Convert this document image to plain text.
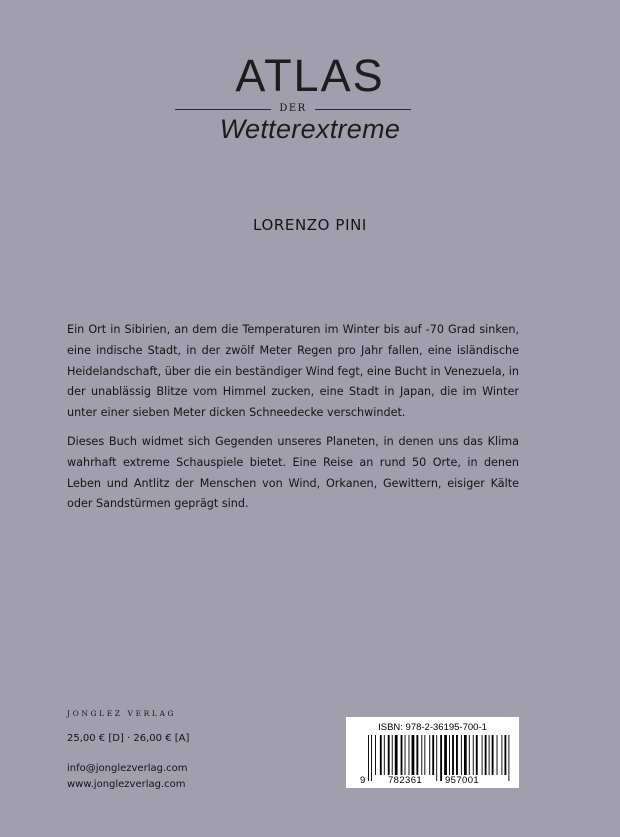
ATLAS
DER
Wetterextreme
LORENZO PINI

Ein Ort in Sibirien, an dem die Temperaturen im Winter bis auf -70 Grad sinken, eine indische Stadt, in der zwölf Meter Regen pro Jahr fallen, eine isländische Heidelandschaft, über die ein beständiger Wind fegt, eine Bucht in Venezuela, in der unablässig Blitze vom Himmel zucken, eine Stadt in Japan, die im Winter unter einer sieben Meter dicken Schneedecke verschwindet.

Dieses Buch widmet sich Gegenden unseres Planeten, in denen uns das Klima wahrhaft extreme Schauspiele bietet. Eine Reise an rund 50 Orte, in denen Leben und Antlitz der Menschen von Wind, Orkanen, Gewittern, eisiger Kälte oder Sandstürmen geprägt sind.

JONGLEZ VERLAG
25,00 € [D] · 26,00 € [A]
info@jonglezverlag.com
www.jonglezverlag.com
ISBN: 978-2-36195-700-1
9 782361 957001
